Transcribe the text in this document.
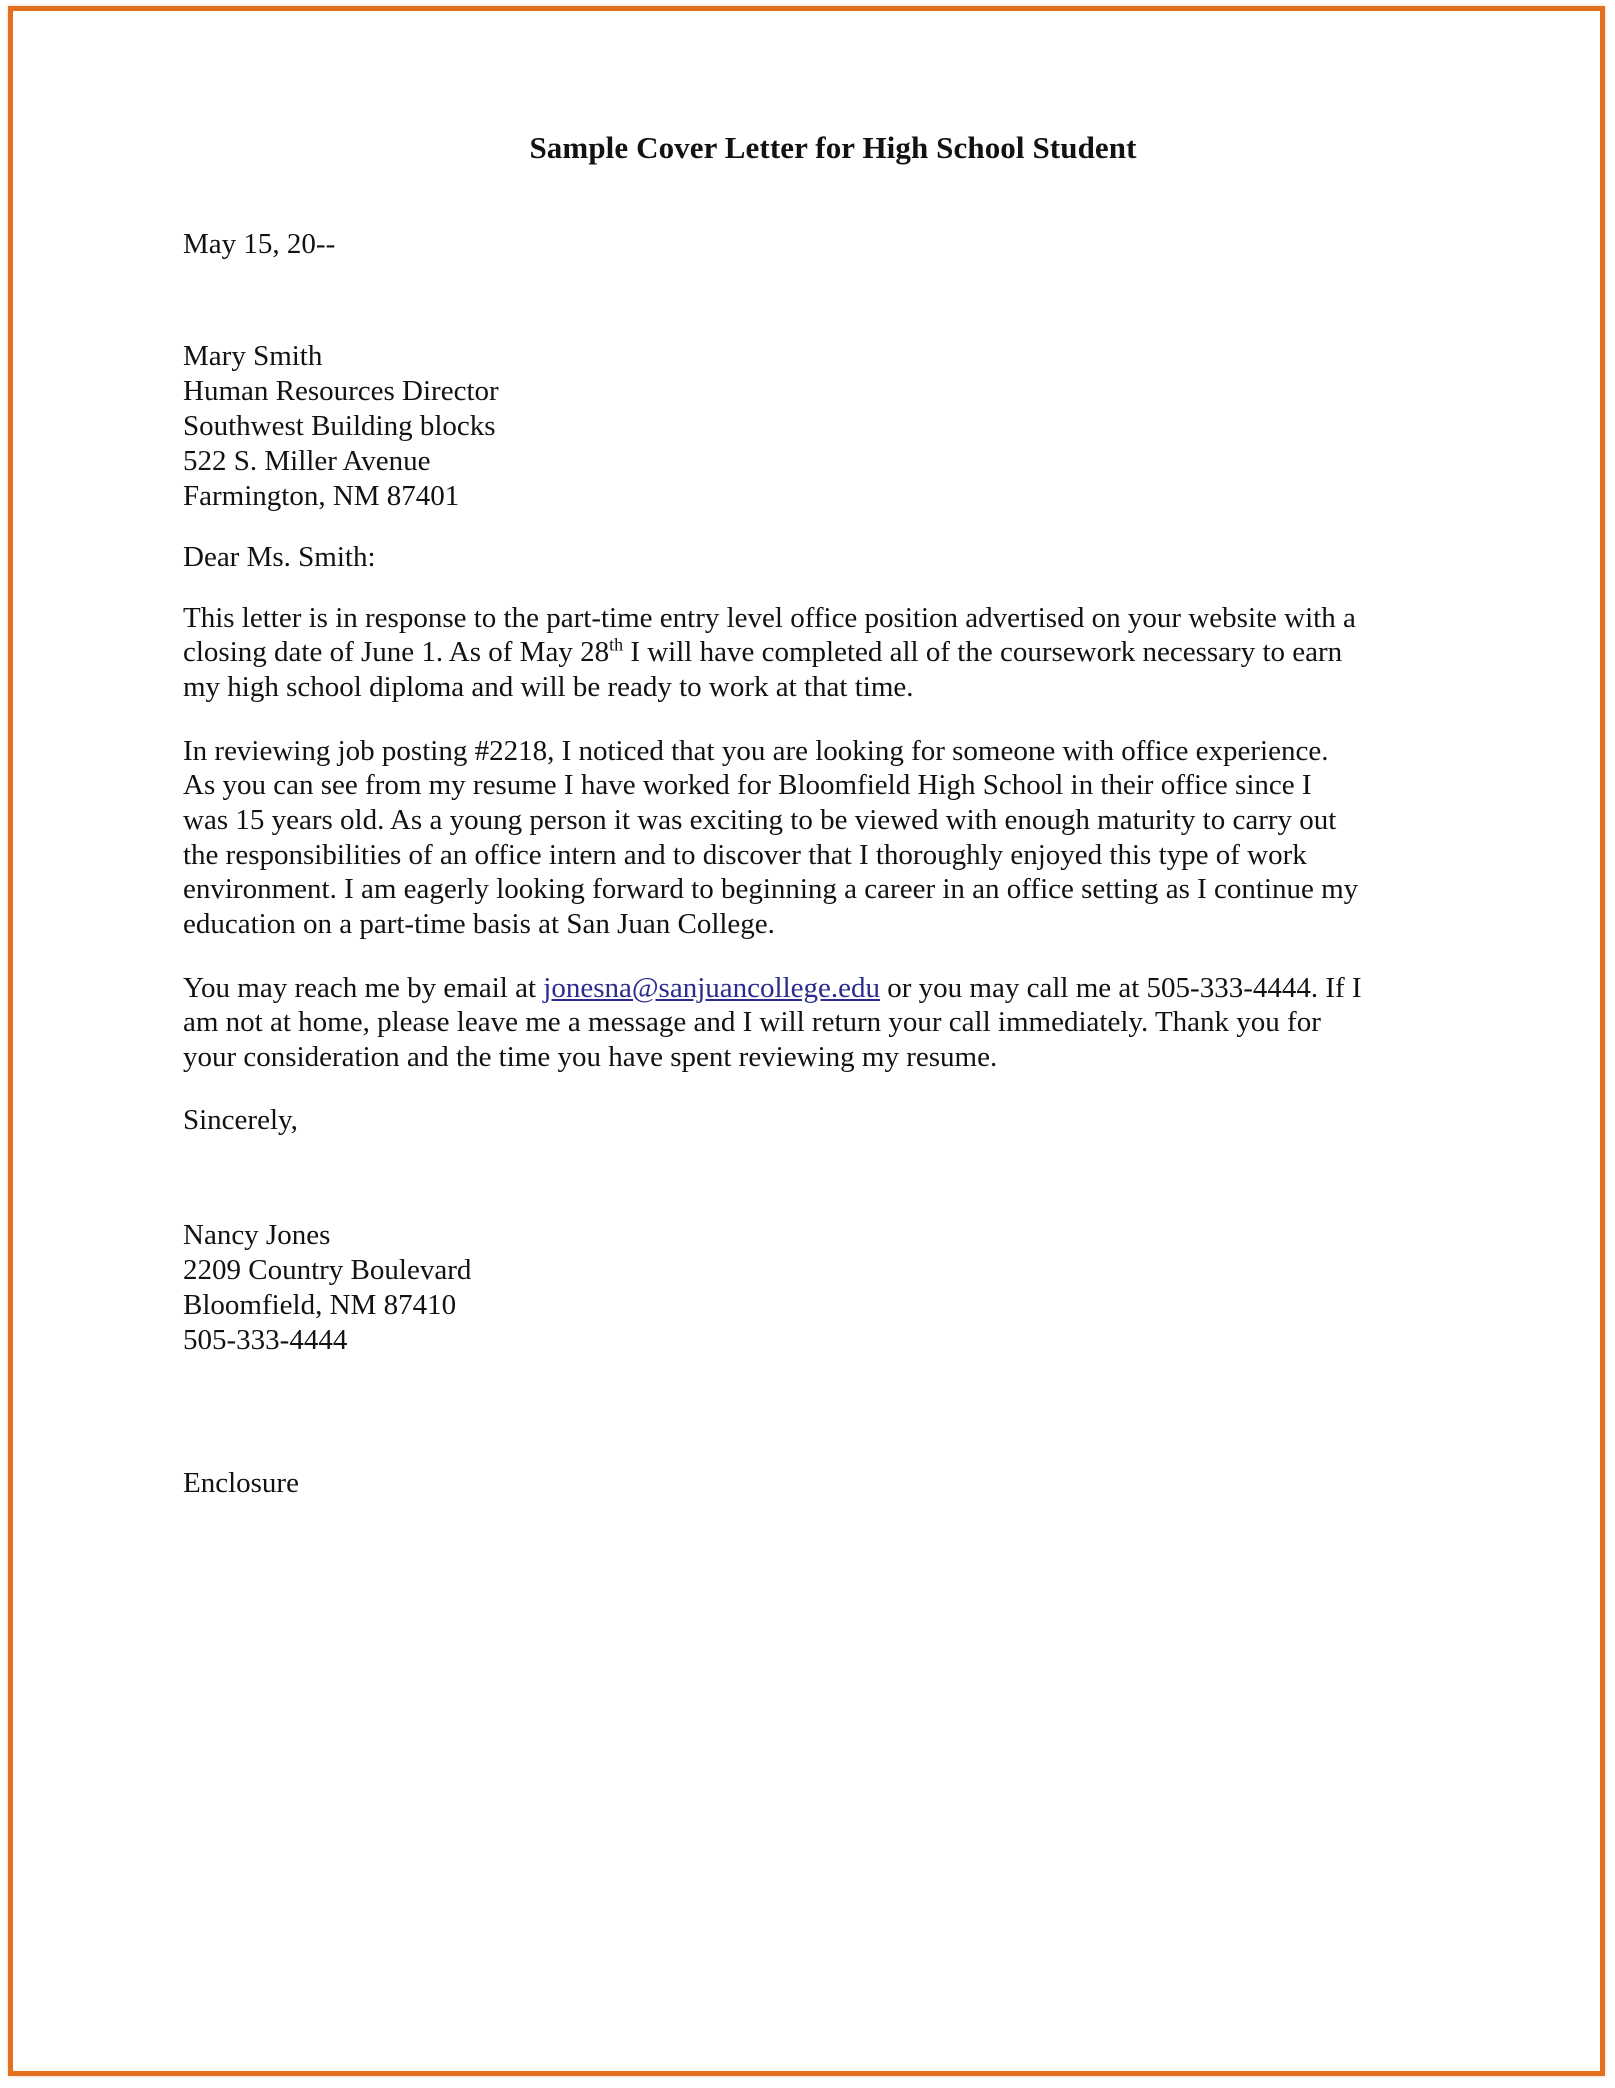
Sample Cover Letter for High School Student
May 15, 20--
Mary Smith
Human Resources Director
Southwest Building blocks
522 S. Miller Avenue
Farmington, NM 87401
Dear Ms. Smith:

This letter is in response to the part-time entry level office position advertised on your website with a closing date of June 1. As of May 28th I will have completed all of the coursework necessary to earn my high school diploma and will be ready to work at that time.

In reviewing job posting #2218, I noticed that you are looking for someone with office experience. As you can see from my resume I have worked for Bloomfield High School in their office since I was 15 years old. As a young person it was exciting to be viewed with enough maturity to carry out the responsibilities of an office intern and to discover that I thoroughly enjoyed this type of work environment. I am eagerly looking forward to beginning a career in an office setting as I continue my education on a part-time basis at San Juan College.

You may reach me by email at jonesna@sanjuancollege.edu or you may call me at 505-333-4444. If I am not at home, please leave me a message and I will return your call immediately. Thank you for your consideration and the time you have spent reviewing my resume.

Sincerely,
Nancy Jones
2209 Country Boulevard
Bloomfield, NM 87410
505-333-4444
Enclosure
